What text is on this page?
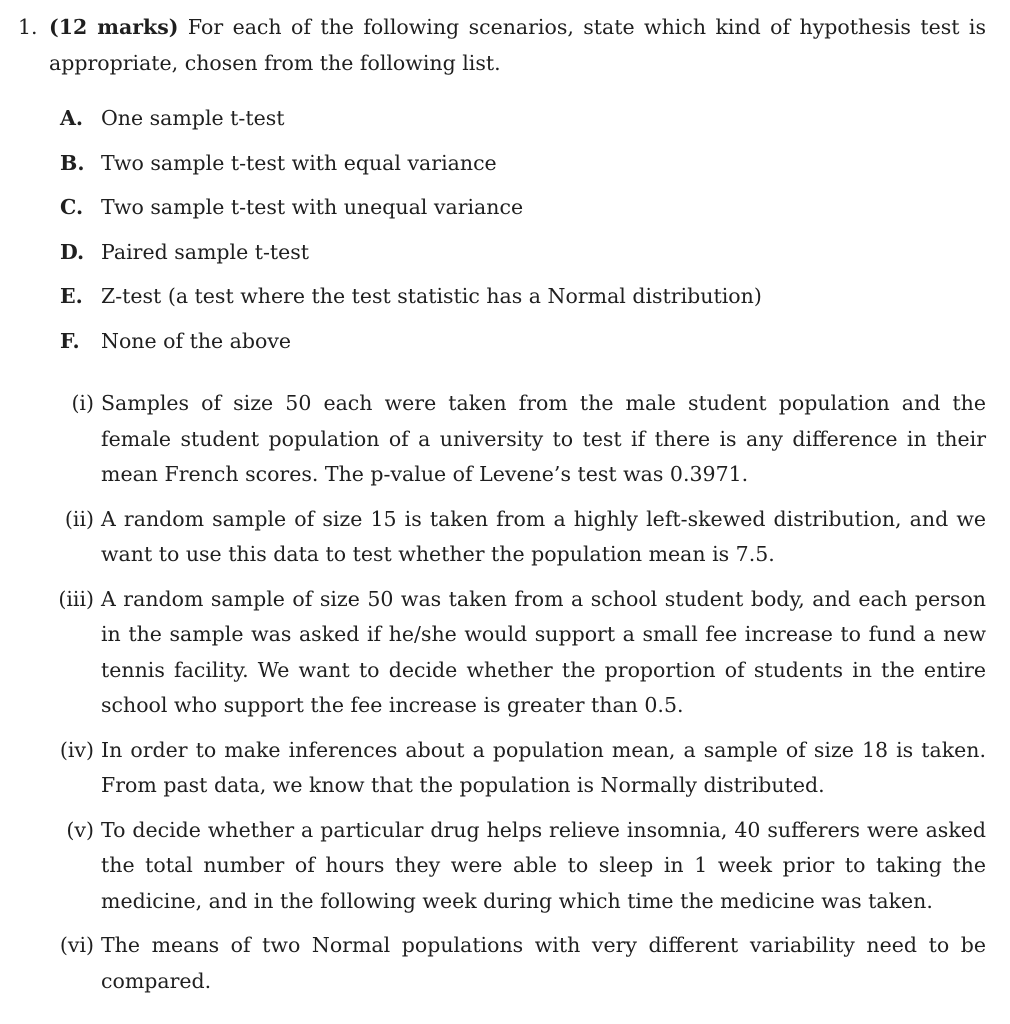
1. (12 marks) For each of the following scenarios, state which kind of hypothesis test is appropriate, chosen from the following list.
A. One sample t-test
B. Two sample t-test with equal variance
C. Two sample t-test with unequal variance
D. Paired sample t-test
E. Z-test (a test where the test statistic has a Normal distribution)
F. None of the above
(i) Samples of size 50 each were taken from the male student population and the female student population of a university to test if there is any difference in their mean French scores. The p-value of Levene’s test was 0.3971.
(ii) A random sample of size 15 is taken from a highly left-skewed distribution, and we want to use this data to test whether the population mean is 7.5.
(iii) A random sample of size 50 was taken from a school student body, and each person in the sample was asked if he/she would support a small fee increase to fund a new tennis facility. We want to decide whether the proportion of students in the entire school who support the fee increase is greater than 0.5.
(iv) In order to make inferences about a population mean, a sample of size 18 is taken. From past data, we know that the population is Normally distributed.
(v) To decide whether a particular drug helps relieve insomnia, 40 sufferers were asked the total number of hours they were able to sleep in 1 week prior to taking the medicine, and in the following week during which time the medicine was taken.
(vi) The means of two Normal populations with very different variability need to be compared.
